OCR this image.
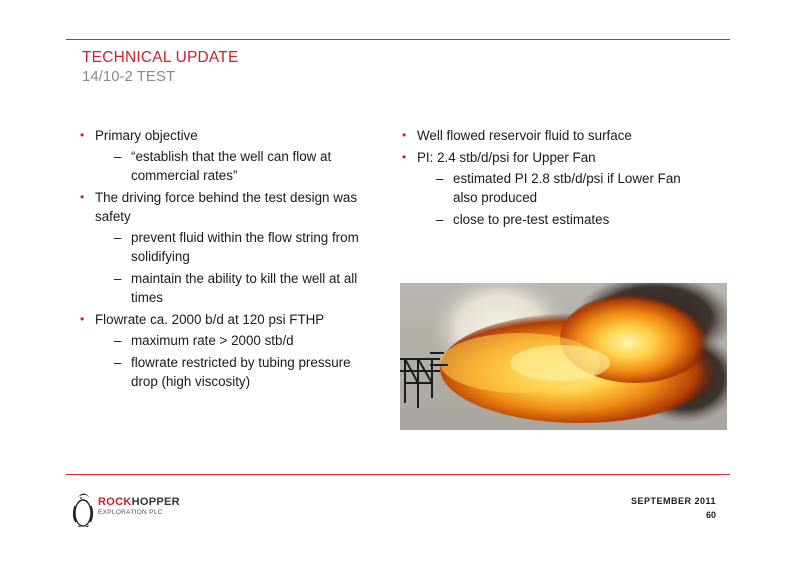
TECHNICAL UPDATE
14/10-2 TEST
• Primary objective
– “establish that the well can flow at commercial rates”
• The driving force behind the test design was safety
– prevent fluid within the flow string from solidifying
– maintain the ability to kill the well at all times
• Flowrate ca. 2000 b/d at 120 psi FTHP
– maximum rate > 2000 stb/d
– flowrate restricted by tubing pressure drop (high viscosity)
• Well flowed reservoir fluid to surface
• PI: 2.4 stb/d/psi for Upper Fan
– estimated PI 2.8 stb/d/psi if Lower Fan also produced
– close to pre-test estimates
ROCKHOPPER
EXPLORATION PLC
SEPTEMBER 2011
60
